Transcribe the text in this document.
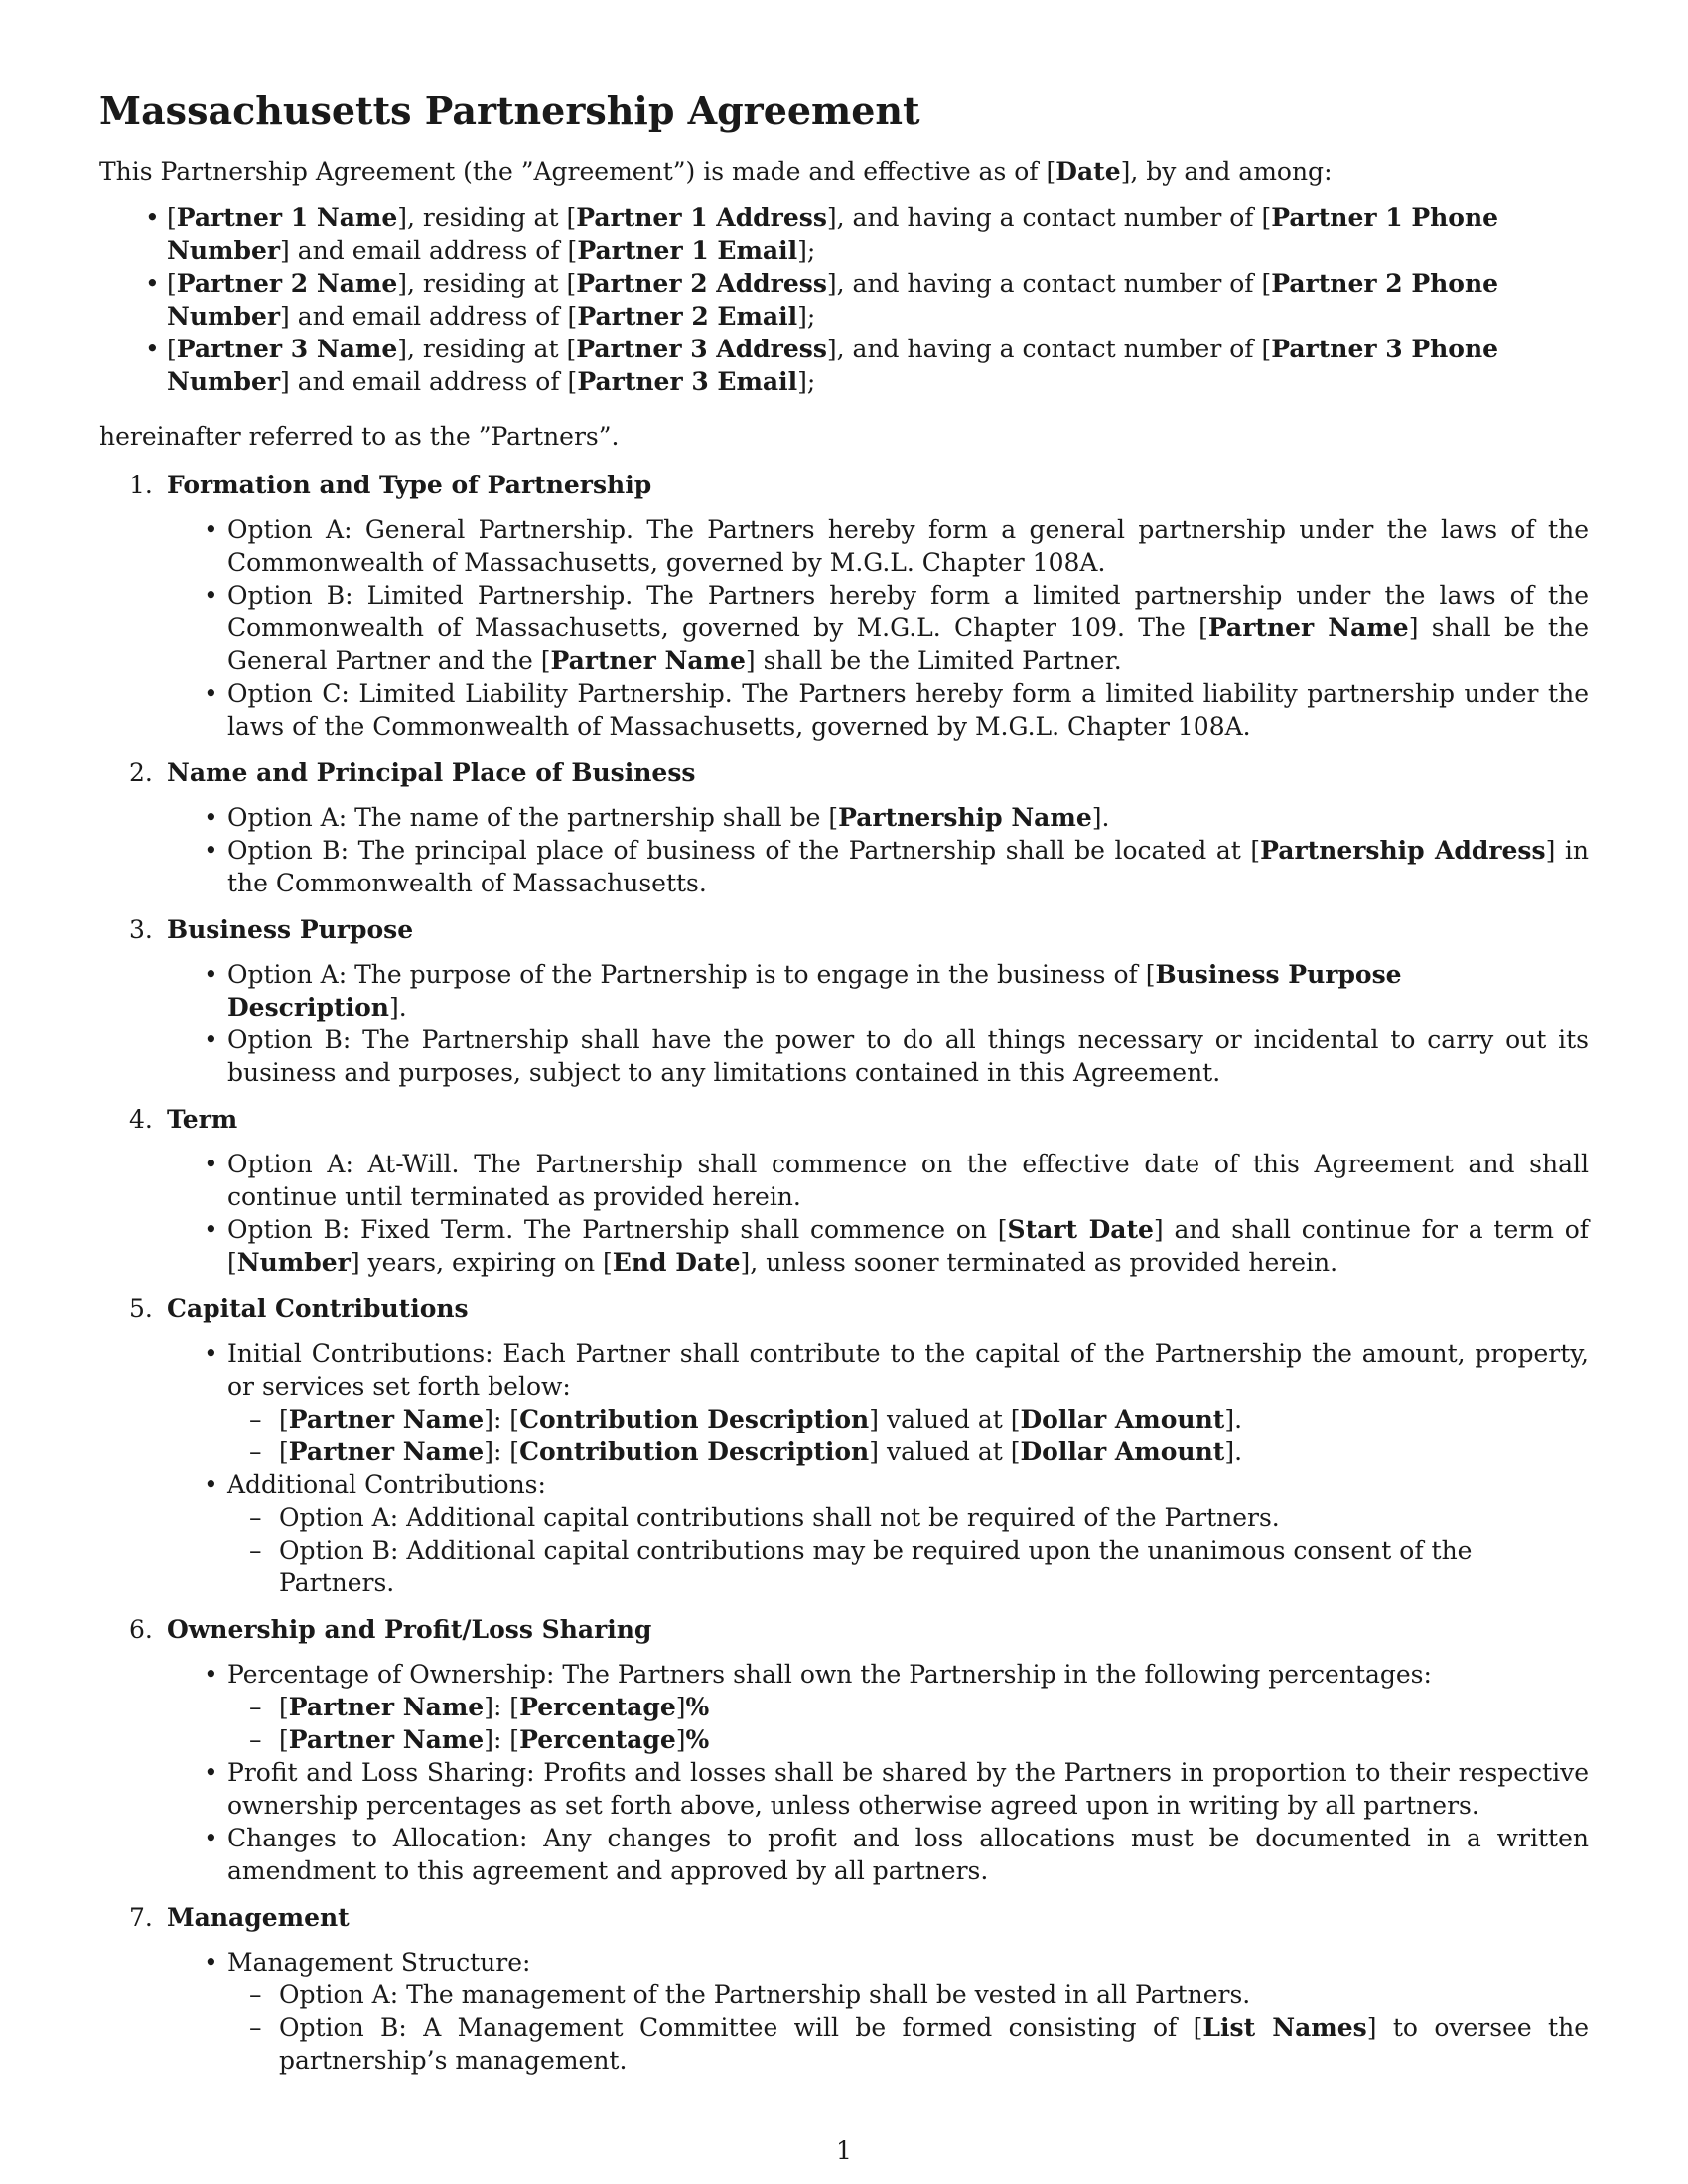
Massachusetts Partnership Agreement

This Partnership Agreement (the ”Agreement”) is made and effective as of [Date], by and among:

• [Partner 1 Name], residing at [Partner 1 Address], and having a contact number of [Partner 1 Phone Number] and email address of [Partner 1 Email];
• [Partner 2 Name], residing at [Partner 2 Address], and having a contact number of [Partner 2 Phone Number] and email address of [Partner 2 Email];
• [Partner 3 Name], residing at [Partner 3 Address], and having a contact number of [Partner 3 Phone Number] and email address of [Partner 3 Email];

hereinafter referred to as the ”Partners”.

1. Formation and Type of Partnership
• Option A: General Partnership. The Partners hereby form a general partnership under the laws of the Commonwealth of Massachusetts, governed by M.G.L. Chapter 108A.
• Option B: Limited Partnership. The Partners hereby form a limited partnership under the laws of the Commonwealth of Massachusetts, governed by M.G.L. Chapter 109. The [Partner Name] shall be the General Partner and the [Partner Name] shall be the Limited Partner.
• Option C: Limited Liability Partnership. The Partners hereby form a limited liability partnership under the laws of the Commonwealth of Massachusetts, governed by M.G.L. Chapter 108A.
2. Name and Principal Place of Business
• Option A: The name of the partnership shall be [Partnership Name].
• Option B: The principal place of business of the Partnership shall be located at [Partnership Address] in the Commonwealth of Massachusetts.
3. Business Purpose
• Option A: The purpose of the Partnership is to engage in the business of [Business Purpose Description].
• Option B: The Partnership shall have the power to do all things necessary or incidental to carry out its business and purposes, subject to any limitations contained in this Agreement.
4. Term
• Option A: At-Will. The Partnership shall commence on the effective date of this Agreement and shall continue until terminated as provided herein.
• Option B: Fixed Term. The Partnership shall commence on [Start Date] and shall continue for a term of [Number] years, expiring on [End Date], unless sooner terminated as provided herein.
5. Capital Contributions
• Initial Contributions: Each Partner shall contribute to the capital of the Partnership the amount, property, or services set forth below:
– [Partner Name]: [Contribution Description] valued at [Dollar Amount].
– [Partner Name]: [Contribution Description] valued at [Dollar Amount].
• Additional Contributions:
– Option A: Additional capital contributions shall not be required of the Partners.
– Option B: Additional capital contributions may be required upon the unanimous consent of the Partners.
6. Ownership and Profit/Loss Sharing
• Percentage of Ownership: The Partners shall own the Partnership in the following percentages:
– [Partner Name]: [Percentage]%
– [Partner Name]: [Percentage]%
• Profit and Loss Sharing: Profits and losses shall be shared by the Partners in proportion to their respective ownership percentages as set forth above, unless otherwise agreed upon in writing by all partners.
• Changes to Allocation: Any changes to profit and loss allocations must be documented in a written amendment to this agreement and approved by all partners.
7. Management
• Management Structure:
– Option A: The management of the Partnership shall be vested in all Partners.
– Option B: A Management Committee will be formed consisting of [List Names] to oversee the partnership’s management.
1
